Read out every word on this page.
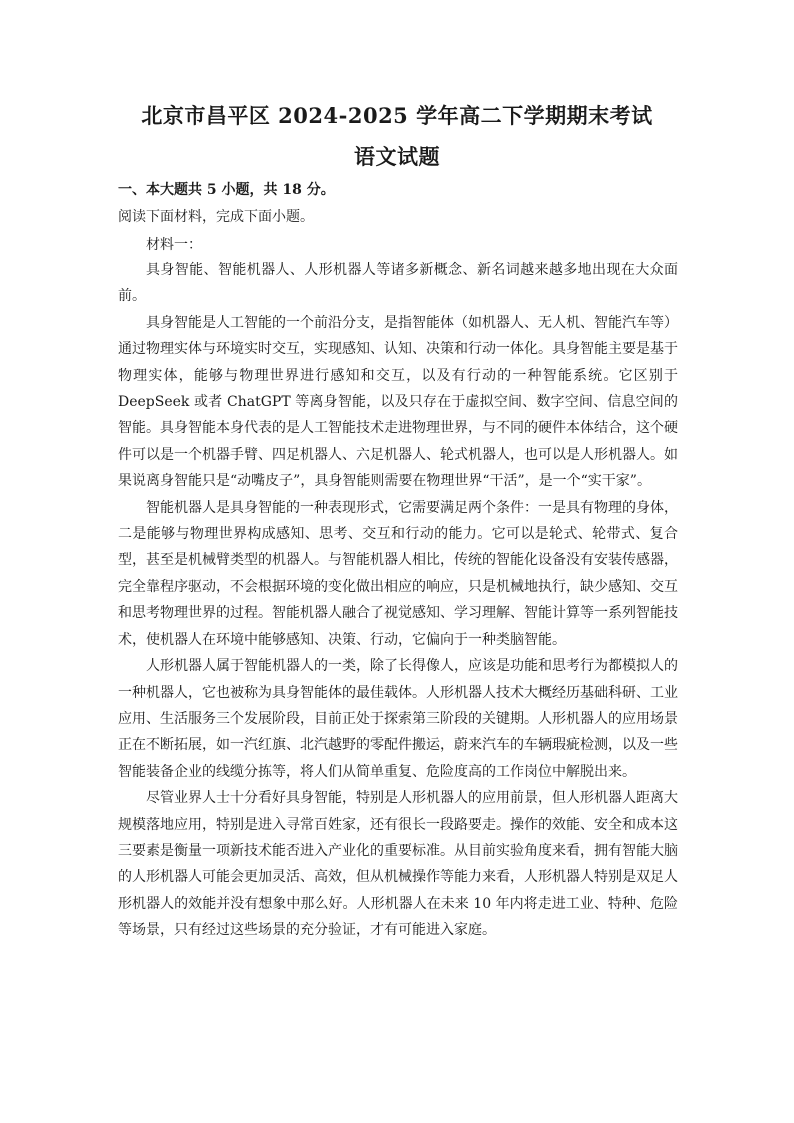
北京市昌平区 2024-2025 学年高二下学期期末考试
语文试题
一、本大题共 5 小题，共 18 分。
阅读下面材料，完成下面小题。
材料一：

具身智能、智能机器人、人形机器人等诸多新概念、新名词越来越多地出现在大众面前。

具身智能是人工智能的一个前沿分支，是指智能体（如机器人、无人机、智能汽车等）通过物理实体与环境实时交互，实现感知、认知、决策和行动一体化。具身智能主要是基于物理实体，能够与物理世界进行感知和交互，以及有行动的一种智能系统。它区别于 DeepSeek 或者 ChatGPT 等离身智能，以及只存在于虚拟空间、数字空间、信息空间的智能。具身智能本身代表的是人工智能技术走进物理世界，与不同的硬件本体结合，这个硬件可以是一个机器手臂、四足机器人、六足机器人、轮式机器人，也可以是人形机器人。如果说离身智能只是“动嘴皮子”，具身智能则需要在物理世界“干活”，是一个“实干家”。

智能机器人是具身智能的一种表现形式，它需要满足两个条件：一是具有物理的身体，二是能够与物理世界构成感知、思考、交互和行动的能力。它可以是轮式、轮带式、复合型，甚至是机械臂类型的机器人。与智能机器人相比，传统的智能化设备没有安装传感器，完全靠程序驱动，不会根据环境的变化做出相应的响应，只是机械地执行，缺少感知、交互和思考物理世界的过程。智能机器人融合了视觉感知、学习理解、智能计算等一系列智能技术，使机器人在环境中能够感知、决策、行动，它偏向于一种类脑智能。

人形机器人属于智能机器人的一类，除了长得像人，应该是功能和思考行为都模拟人的一种机器人，它也被称为具身智能体的最佳载体。人形机器人技术大概经历基础科研、工业应用、生活服务三个发展阶段，目前正处于探索第三阶段的关键期。人形机器人的应用场景正在不断拓展，如一汽红旗、北汽越野的零配件搬运，蔚来汽车的车辆瑕疵检测，以及一些智能装备企业的线缆分拣等，将人们从简单重复、危险度高的工作岗位中解脱出来。

尽管业界人士十分看好具身智能，特别是人形机器人的应用前景，但人形机器人距离大规模落地应用，特别是进入寻常百姓家，还有很长一段路要走。操作的效能、安全和成本这三要素是衡量一项新技术能否进入产业化的重要标准。从目前实验角度来看，拥有智能大脑的人形机器人可能会更加灵活、高效，但从机械操作等能力来看，人形机器人特别是双足人形机器人的效能并没有想象中那么好。人形机器人在未来 10 年内将走进工业、特种、危险等场景，只有经过这些场景的充分验证，才有可能进入家庭。
